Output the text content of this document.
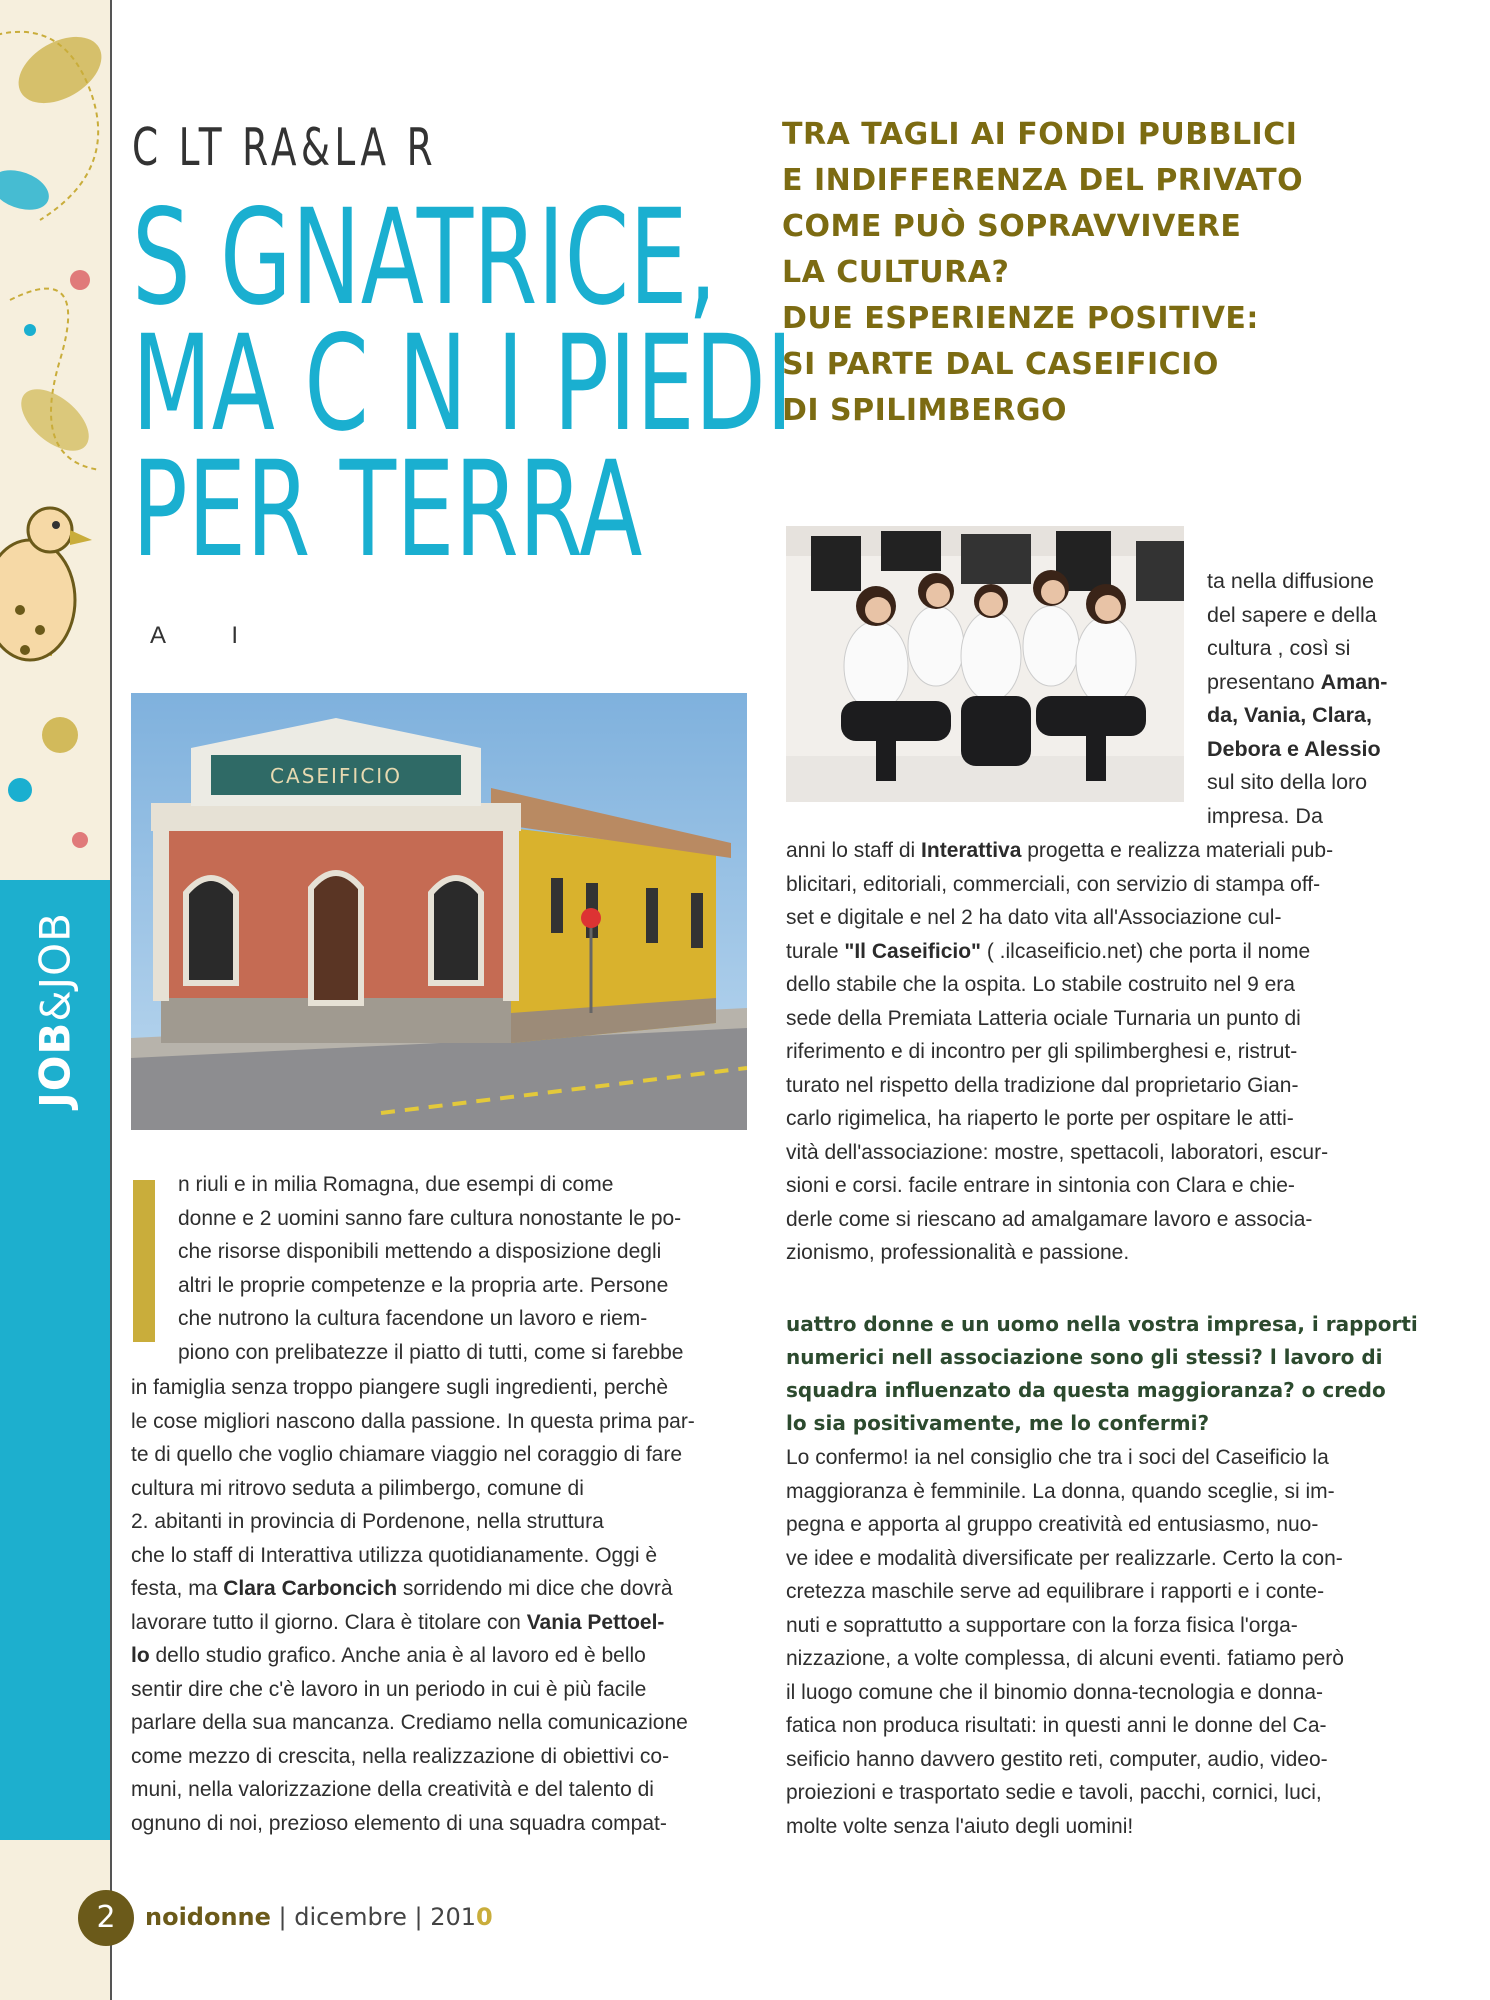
JOB&JOB
C LT RA&LA R
S GNATRICE,
MA C N I PIEDI
PER TERRA
A I
TRA TAGLI AI FONDI PUBBLICI
E INDIFFERENZA DEL PRIVATO
COME PUÒ SOPRAVVIVERE
LA CULTURA?
DUE ESPERIENZE POSITIVE:
SI PARTE DAL CASEIFICIO
DI SPILIMBERGO
CASEIFICIO
ta nella diffusione
del sapere e della
cultura , così si
presentano Aman-
da, Vania, Clara,
Debora e Alessio
sul sito della loro
impresa. Da
n riuli e in milia Romagna, due esempi di come
donne e 2 uomini sanno fare cultura nonostante le po-
che risorse disponibili mettendo a disposizione degli
altri le proprie competenze e la propria arte. Persone
che nutrono la cultura facendone un lavoro e riem-
piono con prelibatezze il piatto di tutti, come si farebbe
in famiglia senza troppo piangere sugli ingredienti, perchè
le cose migliori nascono dalla passione. In questa prima par-
te di quello che voglio chiamare viaggio nel coraggio di fare
cultura mi ritrovo seduta a pilimbergo, comune di
2. abitanti in provincia di Pordenone, nella struttura
che lo staff di Interattiva utilizza quotidianamente. Oggi è
festa, ma Clara Carboncich sorridendo mi dice che dovrà
lavorare tutto il giorno. Clara è titolare con Vania Pettoel-
lo dello studio grafico. Anche ania è al lavoro ed è bello
sentir dire che c'è lavoro in un periodo in cui è più facile
parlare della sua mancanza. Crediamo nella comunicazione
come mezzo di crescita, nella realizzazione di obiettivi co-
muni, nella valorizzazione della creatività e del talento di
ognuno di noi, prezioso elemento di una squadra compat-
anni lo staff di Interattiva progetta e realizza materiali pub-
blicitari, editoriali, commerciali, con servizio di stampa off-
set e digitale e nel 2 ha dato vita all'Associazione cul-
turale "Il Caseificio" ( .ilcaseificio.net) che porta il nome
dello stabile che la ospita. Lo stabile costruito nel 9 era
sede della Premiata Latteria ociale Turnaria un punto di
riferimento e di incontro per gli spilimberghesi e, ristrut-
turato nel rispetto della tradizione dal proprietario Gian-
carlo rigimelica, ha riaperto le porte per ospitare le atti-
vità dell'associazione: mostre, spettacoli, laboratori, escur-
sioni e corsi. facile entrare in sintonia con Clara e chie-
derle come si riescano ad amalgamare lavoro e associa-
zionismo, professionalità e passione.
uattro donne e un uomo nella vostra impresa, i rapporti
numerici nell associazione sono gli stessi? l lavoro di
squadra influenzato da questa maggioranza? o credo
lo sia positivamente, me lo confermi?
Lo confermo! ia nel consiglio che tra i soci del Caseificio la
maggioranza è femminile. La donna, quando sceglie, si im-
pegna e apporta al gruppo creatività ed entusiasmo, nuo-
ve idee e modalità diversificate per realizzarle. Certo la con-
cretezza maschile serve ad equilibrare i rapporti e i conte-
nuti e soprattutto a supportare con la forza fisica l'orga-
nizzazione, a volte complessa, di alcuni eventi. fatiamo però
il luogo comune che il binomio donna-tecnologia e donna-
fatica non produca risultati: in questi anni le donne del Ca-
seificio hanno davvero gestito reti, computer, audio, video-
proiezioni e trasportato sedie e tavoli, pacchi, cornici, luci,
molte volte senza l'aiuto degli uomini!
2	noidonne | dicembre | 2010
